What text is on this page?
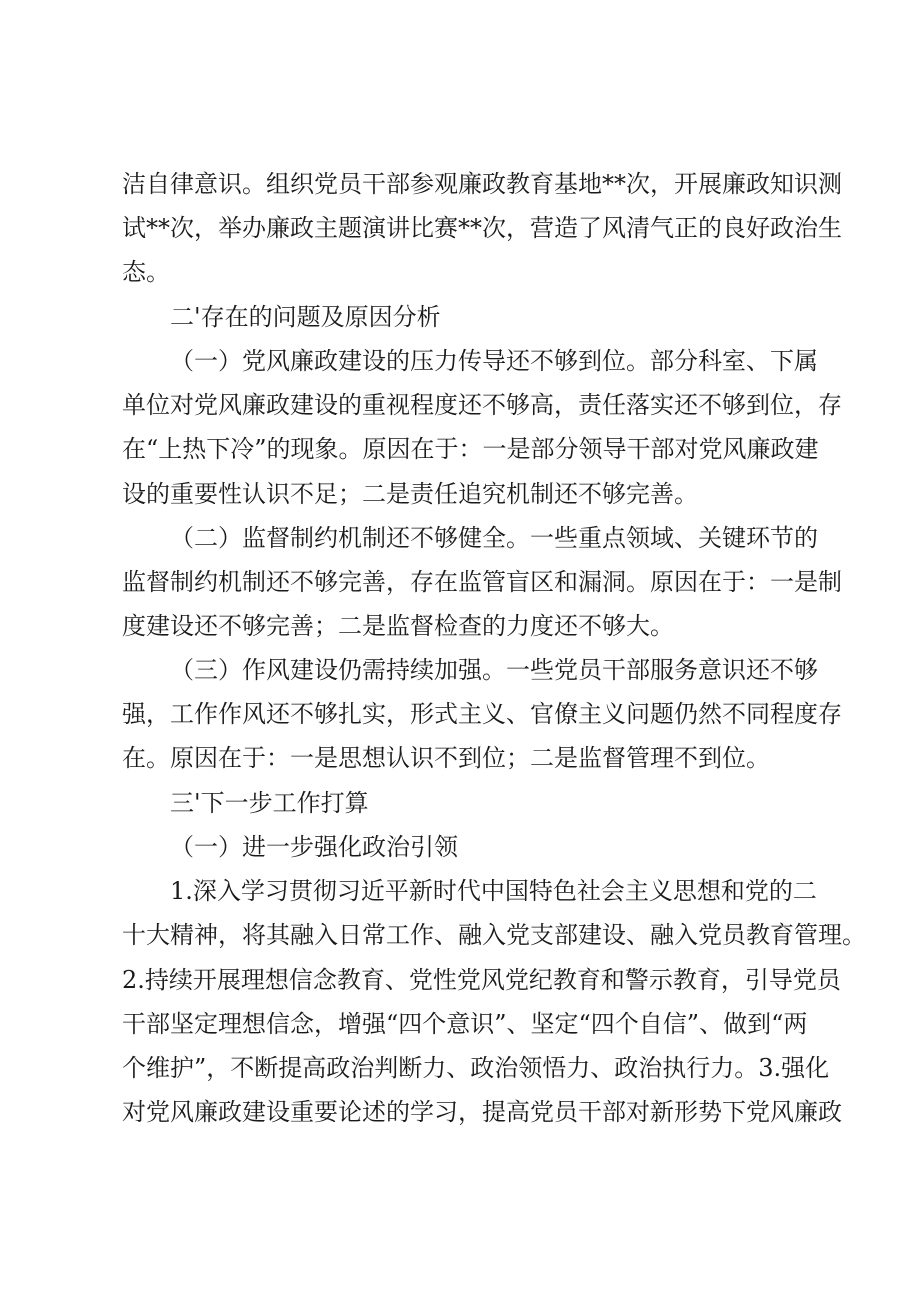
洁自律意识。组织党员干部参观廉政教育基地**次，开展廉政知识测
试**次，举办廉政主题演讲比赛**次，营造了风清气正的良好政治生
态。
二'存在的问题及原因分析
（一）党风廉政建设的压力传导还不够到位。部分科室、下属
单位对党风廉政建设的重视程度还不够高，责任落实还不够到位，存
在“上热下冷”的现象。原因在于：一是部分领导干部对党风廉政建
设的重要性认识不足；二是责任追究机制还不够完善。
（二）监督制约机制还不够健全。一些重点领域、关键环节的
监督制约机制还不够完善，存在监管盲区和漏洞。原因在于：一是制
度建设还不够完善；二是监督检查的力度还不够大。
（三）作风建设仍需持续加强。一些党员干部服务意识还不够
强，工作作风还不够扎实，形式主义、官僚主义问题仍然不同程度存
在。原因在于：一是思想认识不到位；二是监督管理不到位。
三'下一步工作打算
（一）进一步强化政治引领
1.深入学习贯彻习近平新时代中国特色社会主义思想和党的二
十大精神，将其融入日常工作、融入党支部建设、融入党员教育管理。
2.持续开展理想信念教育、党性党风党纪教育和警示教育，引导党员
干部坚定理想信念，增强“四个意识”、坚定“四个自信”、做到“两
个维护”，不断提高政治判断力、政治领悟力、政治执行力。3.强化
对党风廉政建设重要论述的学习，提高党员干部对新形势下党风廉政
